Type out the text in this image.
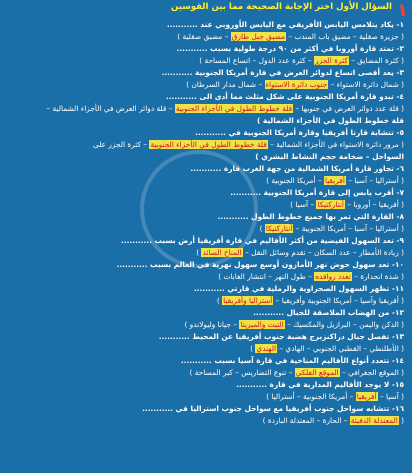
١
السؤال الأول اختر الإجابة الصحيحة مما بين القوسين
١- يكاد يتلامس اليابس الأفريقي مع اليابس الأوروبي عند ...........
( جزيرة صقلية – مضيق باب المندب – مضيق جبل طارق – مضيق صقلية )
٢- تمتد قارة أوروبا في أكثر من ٩٠ درجة طولية بسبب ...........
( كثرة المضايق – كثرة الجزر – كثرة عدد الدول – اتساع المساحة )
٣- يعد أقصى اتساع لدوائر العرض في قارة أمريكا الجنوبية ...........
( شمال دائرة الاستواء – جنوب دائرة الاستواء – شمال مدار السرطان )
٤- تبدو قارة أمريكا الجنوبية على شكل مثلث مما أدى الى ...........
( قلة عدد دوائر العرض في جنوبها – قلة خطوط الطول في الأجزاء الجنوبية – قلة دوائر العرض في الأجزاء الشمالية –
قلة خطوط الطول في الأجزاء الشمالية )
٥- تتشابة قارتا أفريقيا وقارة أمريكا الجنوبية في ...........
( مرور دائرة الاستواء في الأجزاء الشمالية – قلة خطوط الطول في الأجزاء الجنوبية – كثرة الجزر على
السواحل – ضخامة حجم النشاط البشري )
٦- تجاور قارة أمريكا الشمالية من جهة الغرب قارة ...........
( أستراليا – آسيا – أفريقيا – أمريكا الجنوبية )
٧- أقرب يابس إلى قارة أمريكا الجنوبية ...........
( أفريقيا – أوروبا – أنتاركتيكا – آسيا )
٨- القارة التي تمر بها جميع خطوط الطول ...........
( أستراليا – آسيا – أمريكا الجنوبية – أنتاركتيكا )
٩- تعد السهول الفيضية من أكثر الأقاليم في قارة أفريقيا أرض بسبب ...........
( زيادة الأمطار – عدد السكان – تقدم وسائل النقل – المناخ السائد )
١٠- تعد سهول حوض نهر الأمازون أوسع سهول نهرية في العالم بسبب ...........
( شدة انحدارة – تعدد روافده – طول النهر – انتشار الغابات )
١١- تظهر السهول الصحراوية والرملية في قارتي ...........
( أفريقيا وآسيا – أمريكا الجنوبية وأفريقيا – أستراليا وأفريقيا )
١٢- من الهضاب الملاصقة للجبال ...........
( الدكن واليمن – البرازيل والمكسيك – التبت والميزيتا – جيانا وليولاندو )
١٣- تفصل جبال دراكنزبرج هضبة جنوب أفريقيا عن المحيط ...........
( الأطلنطي – القطبي الجنوبي – الهادي – الهندي )
١٤- تتعدد أنواع الأقاليم المناخية في قارة آسيا بسبب ...........
( الموقع الجغرافي – الموقع الفلكي – تنوع التضاريس – كبر المساحة )
١٥- لا يوجد الأقاليم المدارية في قارة ...........
( آسيا – أفريقيا – أمريكا الجنوبية – أستراليا )
١٦- تتشابه سواحل جنوب أفريقيا مع سواحل جنوب استراليا في ...........
( المعتدلة الدفيئة – الحارة – المعتدلة الباردة )
